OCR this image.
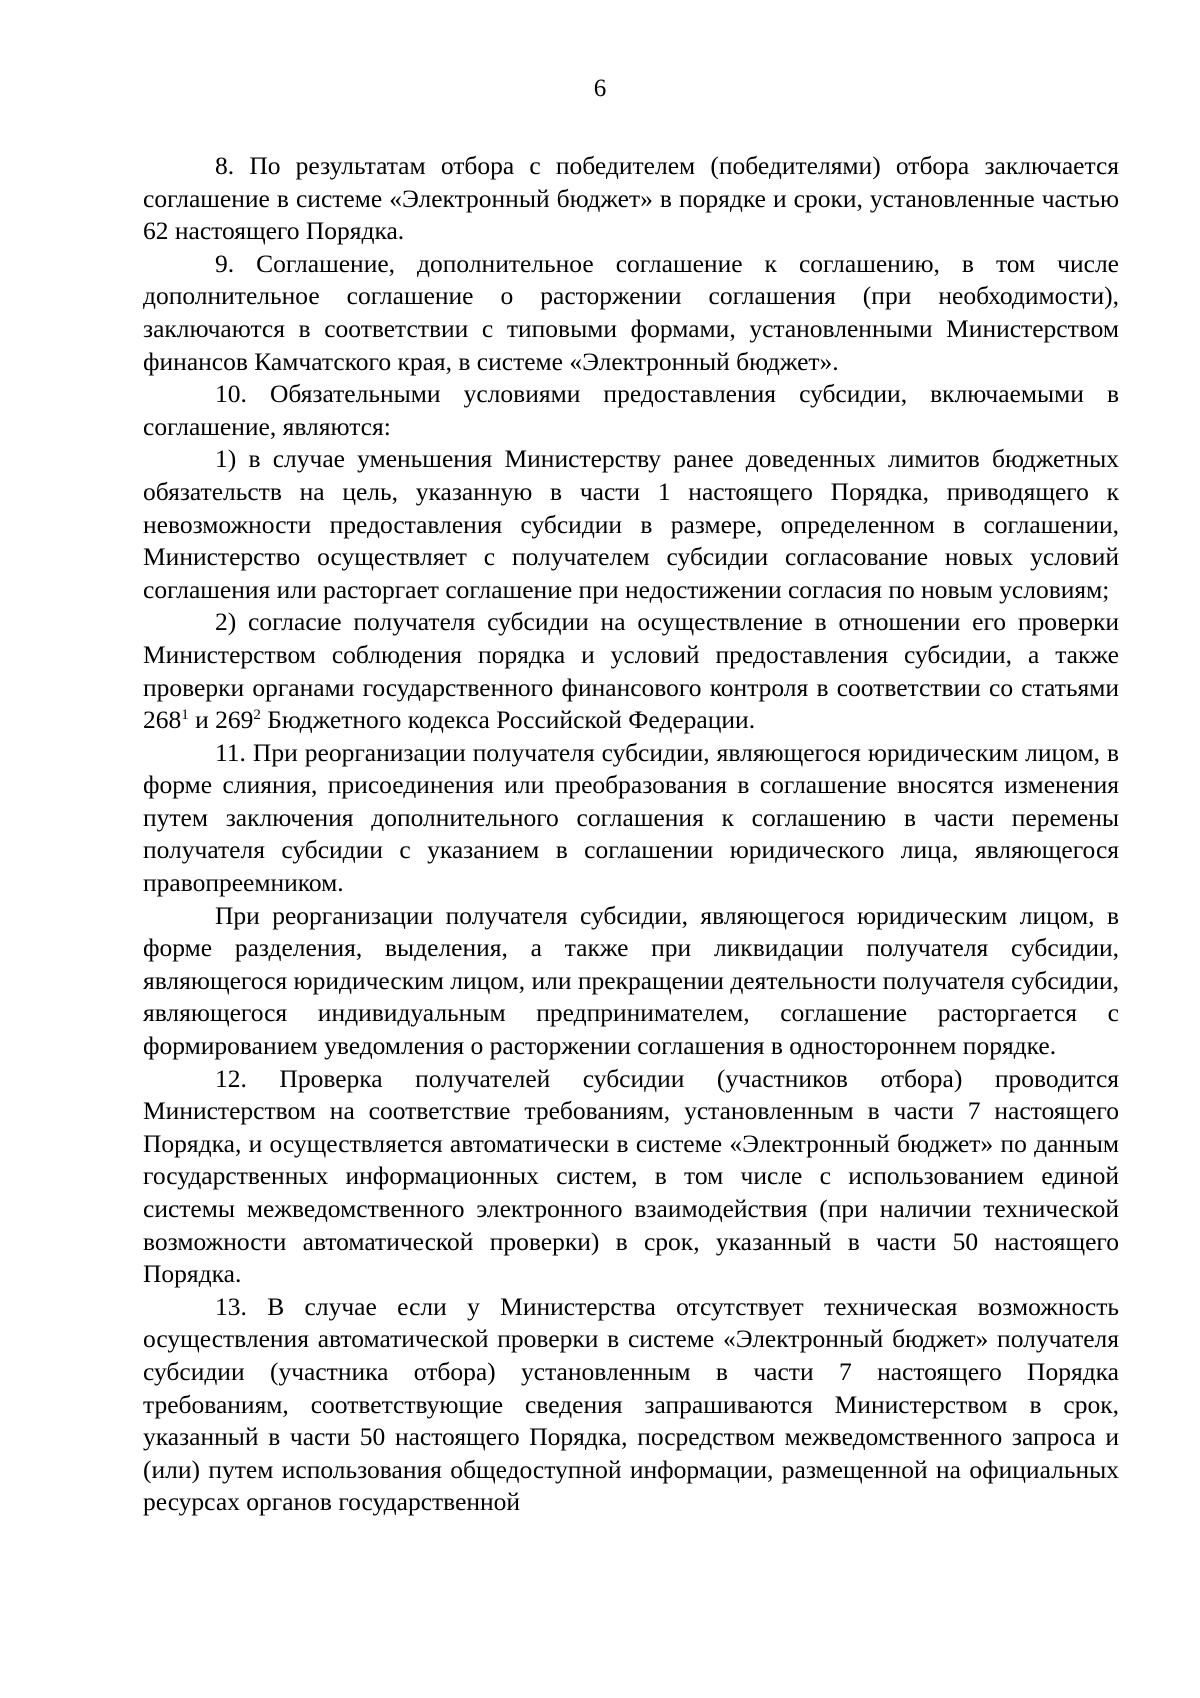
6

8. По результатам отбора с победителем (победителями) отбора заключается соглашение в системе «Электронный бюджет» в порядке и сроки, установленные частью 62 настоящего Порядка.

9. Соглашение, дополнительное соглашение к соглашению, в том числе дополнительное соглашение о расторжении соглашения (при необходимости), заключаются в соответствии с типовыми формами, установленными Министерством финансов Камчатского края, в системе «Электронный бюджет».

10. Обязательными условиями предоставления субсидии, включаемыми в соглашение, являются:

1) в случае уменьшения Министерству ранее доведенных лимитов бюджетных обязательств на цель, указанную в части 1 настоящего Порядка, приводящего к невозможности предоставления субсидии в размере, определенном в соглашении, Министерство осуществляет с получателем субсидии согласование новых условий соглашения или расторгает соглашение при недостижении согласия по новым условиям;

2) согласие получателя субсидии на осуществление в отношении его проверки Министерством соблюдения порядка и условий предоставления субсидии, а также проверки органами государственного финансового контроля в соответствии со статьями $268^1$ и $269^2$ Бюджетного кодекса Российской Федерации.

11. При реорганизации получателя субсидии, являющегося юридическим лицом, в форме слияния, присоединения или преобразования в соглашение вносятся изменения путем заключения дополнительного соглашения к соглашению в части перемены получателя субсидии с указанием в соглашении юридического лица, являющегося правопреемником.

При реорганизации получателя субсидии, являющегося юридическим лицом, в форме разделения, выделения, а также при ликвидации получателя субсидии, являющегося юридическим лицом, или прекращении деятельности получателя субсидии, являющегося индивидуальным предпринимателем, соглашение расторгается с формированием уведомления о расторжении соглашения в одностороннем порядке.

12. Проверка получателей субсидии (участников отбора) проводится Министерством на соответствие требованиям, установленным в части 7 настоящего Порядка, и осуществляется автоматически в системе «Электронный бюджет» по данным государственных информационных систем, в том числе с использованием единой системы межведомственного электронного взаимодействия (при наличии технической возможности автоматической проверки) в срок, указанный в части 50 настоящего Порядка.

13. В случае если у Министерства отсутствует техническая возможность осуществления автоматической проверки в системе «Электронный бюджет» получателя субсидии (участника отбора) установленным в части 7 настоящего Порядка требованиям, соответствующие сведения запрашиваются Министерством в срок, указанный в части 50 настоящего Порядка, посредством межведомственного запроса и (или) путем использования общедоступной информации, размещенной на официальных ресурсах органов государственной
